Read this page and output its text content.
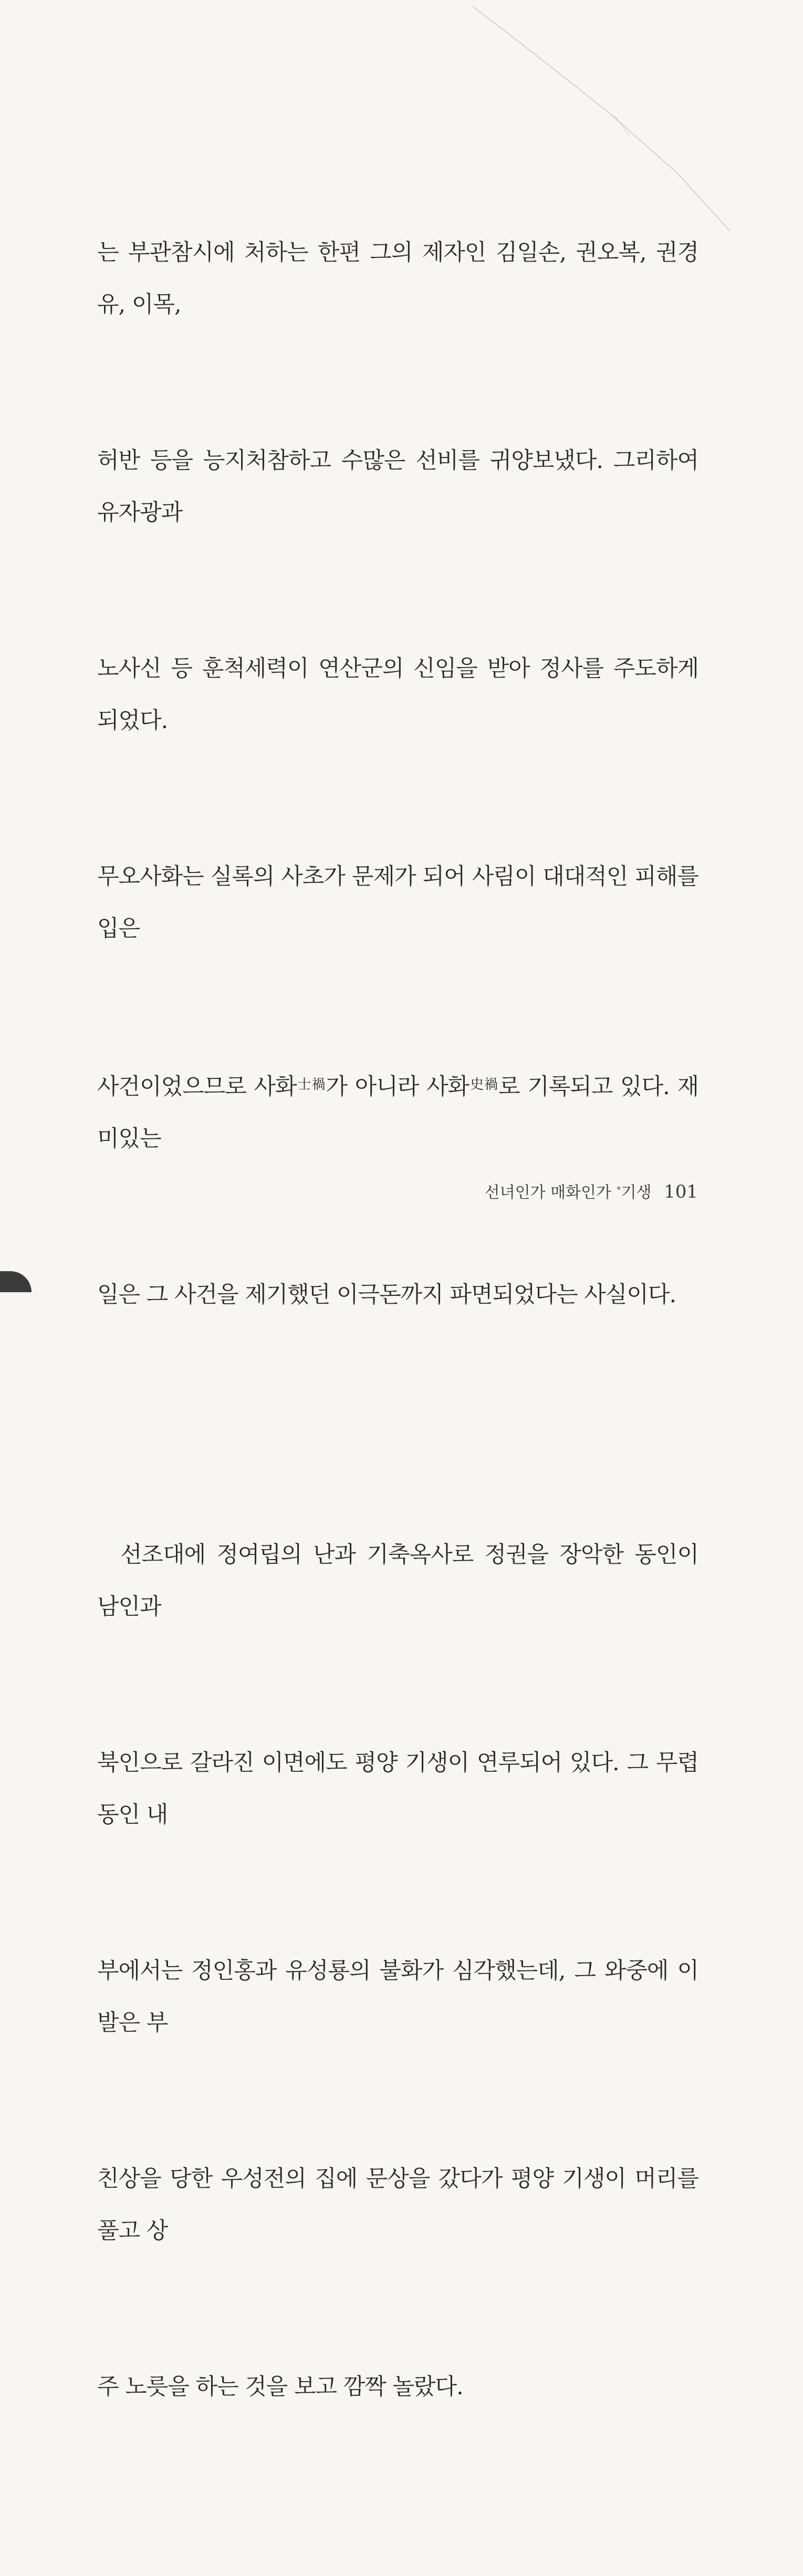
는 부관참시에 처하는 한편 그의 제자인 김일손, 권오복, 권경유, 이목,

허반 등을 능지처참하고 수많은 선비를 귀양보냈다. 그리하여 유자광과

노사신 등 훈척세력이 연산군의 신임을 받아 정사를 주도하게 되었다.

무오사화는 실록의 사초가 문제가 되어 사림이 대대적인 피해를 입은

사건이었으므로 사화$^{士禍}$가 아니라 사화$^{史禍}$로 기록되고 있다. 재미있는

일은 그 사건을 제기했던 이극돈까지 파면되었다는 사실이다.

선조대에 정여립의 난과 기축옥사로 정권을 장악한 동인이 남인과

북인으로 갈라진 이면에도 평양 기생이 연루되어 있다. 그 무렵 동인 내

부에서는 정인홍과 유성룡의 불화가 심각했는데, 그 와중에 이발은 부

친상을 당한 우성전의 집에 문상을 갔다가 평양 기생이 머리를 풀고 상

주 노릇을 하는 것을 보고 깜짝 놀랐다.

선녀인가 매화인가 °기생 101
